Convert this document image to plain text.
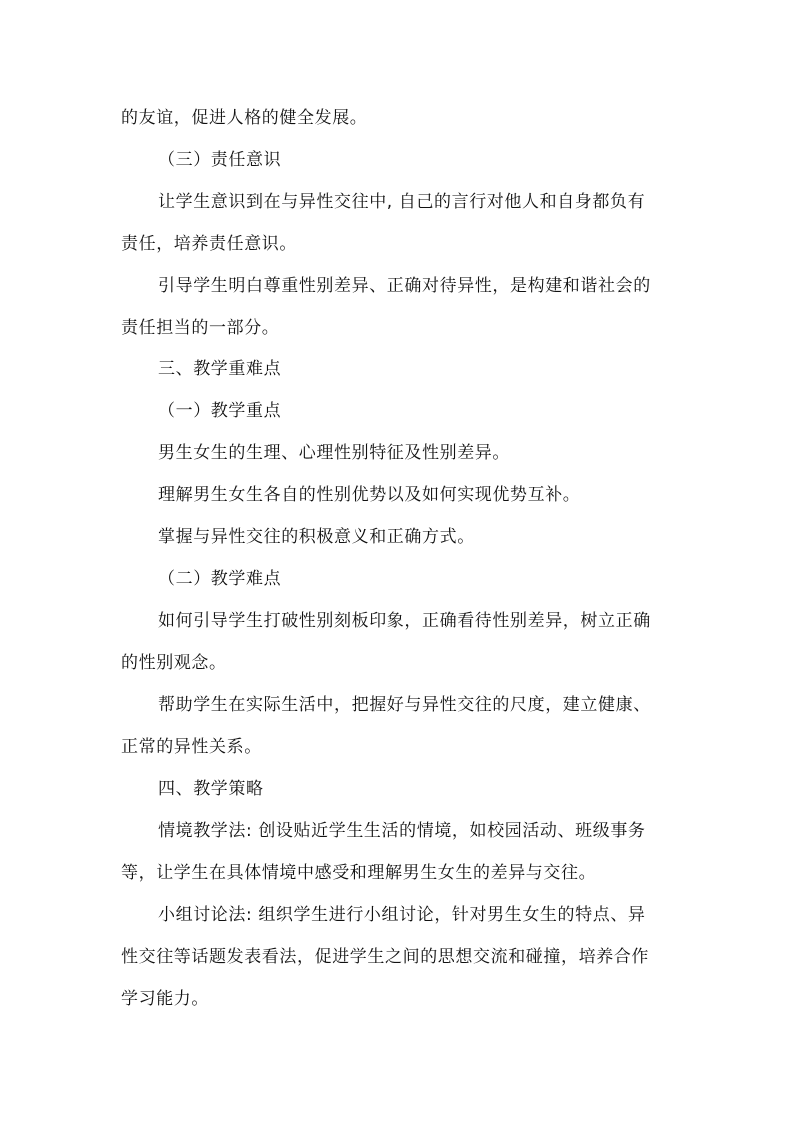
的友谊，促进人格的健全发展。
（三）责任意识
让学生意识到在与异性交往中, 自己的言行对他人和自身都负有
责任，培养责任意识。
引导学生明白尊重性别差异、正确对待异性，是构建和谐社会的
责任担当的一部分。
三、教学重难点
（一）教学重点
男生女生的生理、心理性别特征及性别差异。
理解男生女生各自的性别优势以及如何实现优势互补。
掌握与异性交往的积极意义和正确方式。
（二）教学难点
如何引导学生打破性别刻板印象，正确看待性别差异，树立正确
的性别观念。
帮助学生在实际生活中，把握好与异性交往的尺度，建立健康、
正常的异性关系。
四、教学策略
情境教学法: 创设贴近学生生活的情境，如校园活动、班级事务
等，让学生在具体情境中感受和理解男生女生的差异与交往。
小组讨论法: 组织学生进行小组讨论，针对男生女生的特点、异
性交往等话题发表看法，促进学生之间的思想交流和碰撞，培养合作
学习能力。
